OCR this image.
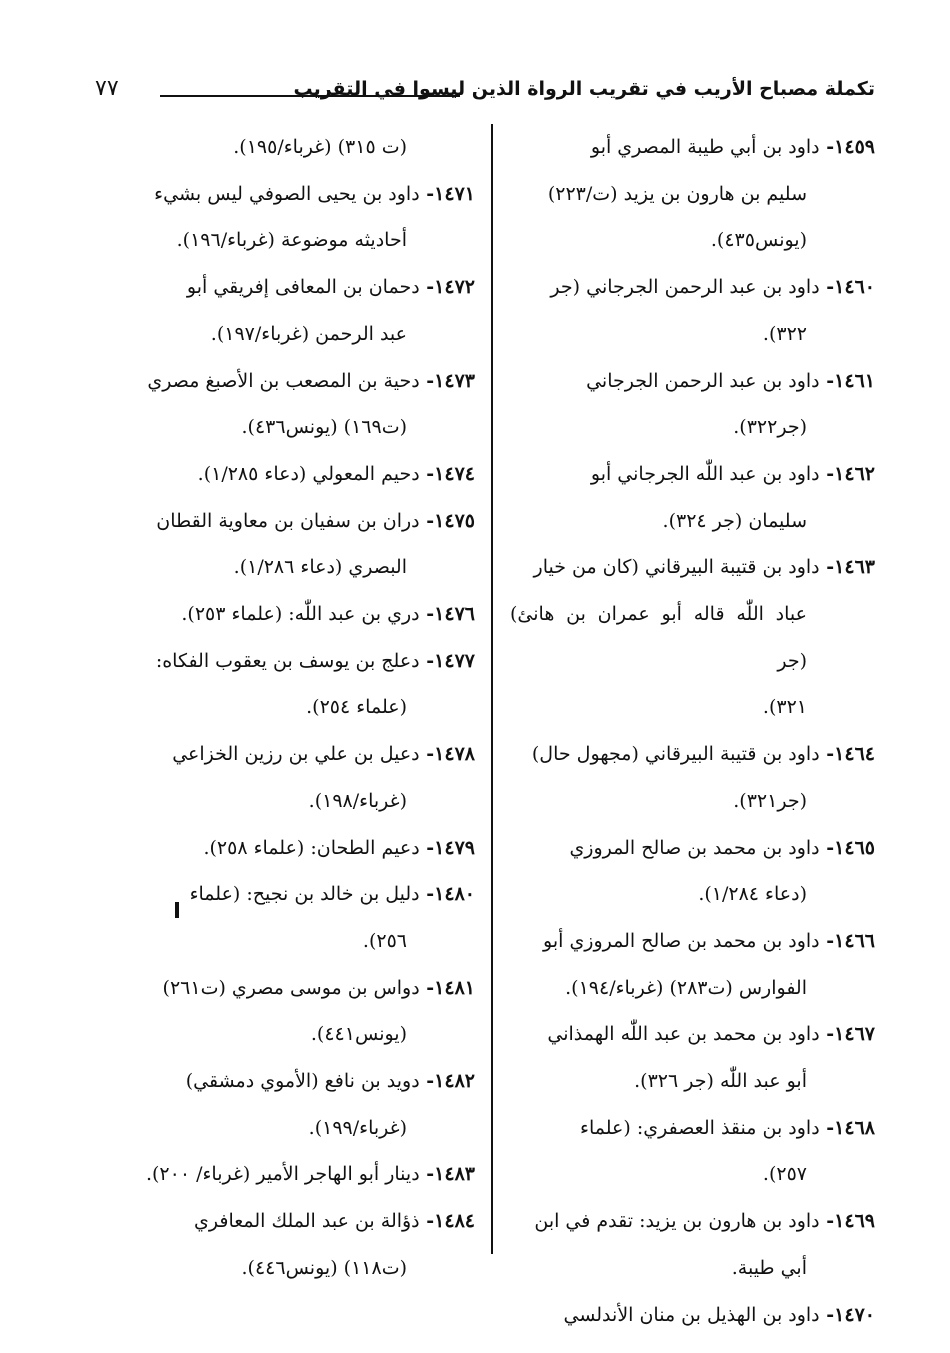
تكملة مصباح الأريب في تقريب الرواة الذين ليسوا في التقريب
٧٧
١٤٥٩- داود بن أبي طيبة المصري أبو
سليم بن هارون بن يزيد (ت/٢٢٣)
(يونس٤٣٥).
١٤٦٠- داود بن عبد الرحمن الجرجاني (جر
٣٢٢).
١٤٦١- داود بن عبد الرحمن الجرجاني
(جر٣٢٢).
١٤٦٢- داود بن عبد اللّٰه الجرجاني أبو
سليمان (جر ٣٢٤).
١٤٦٣- داود بن قتيبة البيرقاني (كان من خيار
عباد اللّٰه قاله أبو عمران بن هانئ) (جر
٣٢١).
١٤٦٤- داود بن قتيبة البيرقاني (مجهول حال)
(جر٣٢١).
١٤٦٥- داود بن محمد بن صالح المروزي
(دعاء ١/٢٨٤).
١٤٦٦- داود بن محمد بن صالح المروزي أبو
الفوارس (ت٢٨٣) (غرباء/١٩٤).
١٤٦٧- داود بن محمد بن عبد اللّٰه الهمذاني
أبو عبد اللّٰه (جر ٣٢٦).
١٤٦٨- داود بن منقذ العصفري: (علماء
٢٥٧).
١٤٦٩- داود بن هارون بن يزيد: تقدم في ابن
أبي طيبة.
١٤٧٠- داود بن الهذيل بن منان الأندلسي
(ت ٣١٥) (غرباء/١٩٥).
١٤٧١- داود بن يحيى الصوفي ليس بشيء
أحاديثه موضوعة (غرباء/١٩٦).
١٤٧٢- دحمان بن المعافى إفريقي أبو
عبد الرحمن (غرباء/١٩٧).
١٤٧٣- دحية بن المصعب بن الأصبغ مصري
(ت١٦٩) (يونس٤٣٦).
١٤٧٤- دحيم المعولي (دعاء ١/٢٨٥).
١٤٧٥- دران بن سفيان بن معاوية القطان
البصري (دعاء ١/٢٨٦).
١٤٧٦- دري بن عبد اللّٰه: (علماء ٢٥٣).
١٤٧٧- دعلج بن يوسف بن يعقوب الفكاه:
(علماء ٢٥٤).
١٤٧٨- دعيل بن علي بن رزين الخزاعي
(غرباء/١٩٨).
١٤٧٩- دعيم الطحان: (علماء ٢٥٨).
١٤٨٠- دليل بن خالد بن نجيح: (علماء
٢٥٦).
١٤٨١- دواس بن موسى مصري (ت٢٦١)
(يونس٤٤١).
١٤٨٢- دويد بن نافع (الأموي دمشقي)
(غرباء/١٩٩).
١٤٨٣- دينار أبو الهاجر الأمير (غرباء/ ٢٠٠).
١٤٨٤- ذؤالة بن عبد الملك المعافري
(ت١١٨) (يونس٤٤٦).
